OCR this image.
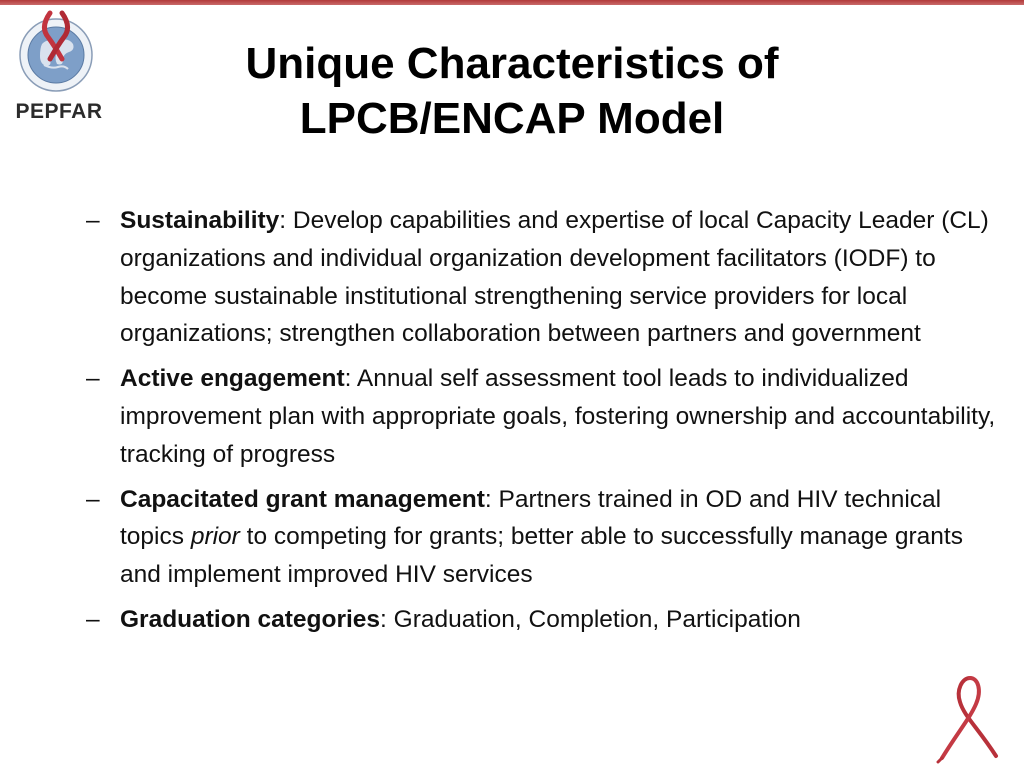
PEPFAR
Unique Characteristics of
LPCB/ENCAP Model
– Sustainability: Develop capabilities and expertise of local Capacity Leader (CL) organizations and individual organization development facilitators (IODF) to become sustainable institutional strengthening service providers for local organizations; strengthen collaboration between partners and government
– Active engagement: Annual self assessment tool leads to individualized improvement plan with appropriate goals, fostering ownership and accountability, tracking of progress
– Capacitated grant management: Partners trained in OD and HIV technical topics prior to competing for grants; better able to successfully manage grants and implement improved HIV services
– Graduation categories: Graduation, Completion, Participation
